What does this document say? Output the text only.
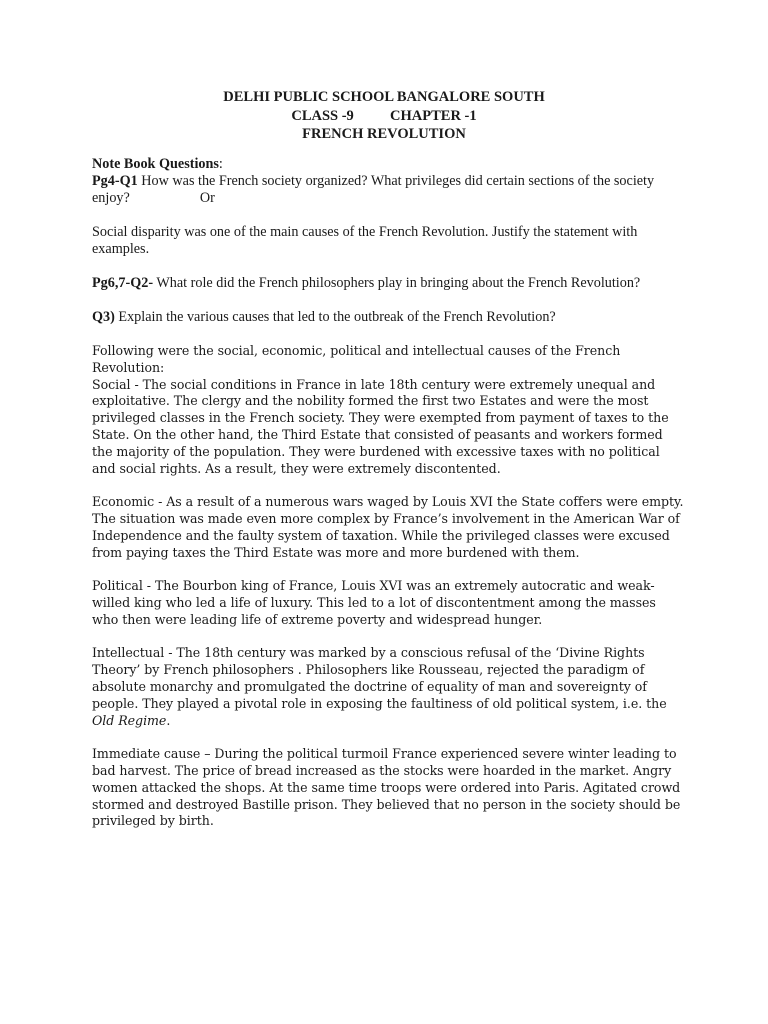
DELHI PUBLIC SCHOOL BANGALORE SOUTH
CLASS -9          CHAPTER -1
FRENCH REVOLUTION

Note Book Questions:
Pg4-Q1 How was the French society organized? What privileges did certain sections of the society enjoy?	Or

Social disparity was one of the main causes of the French Revolution. Justify the statement with examples.

Pg6,7-Q2- What role did the French philosophers play in bringing about the French Revolution?

Q3) Explain the various causes that led to the outbreak of the French Revolution?

Following were the social, economic, political and intellectual causes of the French Revolution:
Social - The social conditions in France in late 18th century were extremely unequal and exploitative. The clergy and the nobility formed the first two Estates and were the most privileged classes in the French society. They were exempted from payment of taxes to the State. On the other hand, the Third Estate that consisted of peasants and workers formed the majority of the population. They were burdened with excessive taxes with no political and social rights. As a result, they were extremely discontented.

Economic - As a result of a numerous wars waged by Louis XVI the State coffers were empty. The situation was made even more complex by France’s involvement in the American War of Independence and the faulty system of taxation. While the privileged classes were excused from paying taxes the Third Estate was more and more burdened with them.

Political - The Bourbon king of France, Louis XVI was an extremely autocratic and weak-willed king who led a life of luxury. This led to a lot of discontentment among the masses who then were leading life of extreme poverty and widespread hunger.

Intellectual - The 18th century was marked by a conscious refusal of the ‘Divine Rights Theory’ by French philosophers . Philosophers like Rousseau, rejected the paradigm of absolute monarchy and promulgated the doctrine of equality of man and sovereignty of people. They played a pivotal role in exposing the faultiness of old political system, i.e. the Old Regime.

Immediate cause – During the political turmoil France experienced severe winter leading to bad harvest. The price of bread increased as the stocks were hoarded in the market. Angry women attacked the shops. At the same time troops were ordered into Paris. Agitated crowd stormed and destroyed Bastille prison. They believed that no person in the society should be privileged by birth.
